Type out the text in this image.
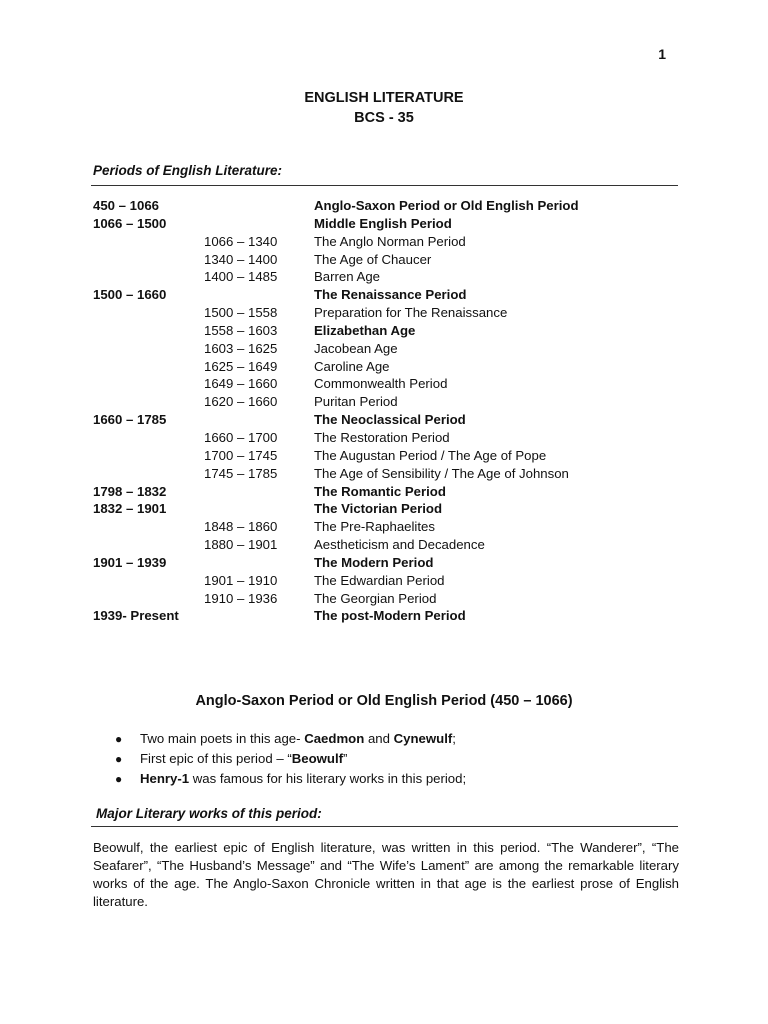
1
ENGLISH LITERATURE
BCS - 35
Periods of English Literature:
450 – 1066	Anglo-Saxon Period or Old English Period
1066 – 1500	Middle English Period
1066 – 1340	The Anglo Norman Period
1340 – 1400	The Age of Chaucer
1400 – 1485	Barren Age
1500 – 1660	The Renaissance Period
1500 – 1558	Preparation for The Renaissance
1558 – 1603	Elizabethan Age
1603 – 1625	Jacobean Age
1625 – 1649	Caroline Age
1649 – 1660	Commonwealth Period
1620 – 1660	Puritan Period
1660 – 1785	The Neoclassical Period
1660 – 1700	The Restoration Period
1700 – 1745	The Augustan Period / The Age of Pope
1745 – 1785	The Age of Sensibility / The Age of Johnson
1798 – 1832	The Romantic Period
1832 – 1901	The Victorian Period
1848 – 1860	The Pre-Raphaelites
1880 – 1901	Aestheticism and Decadence
1901 – 1939	The Modern Period
1901 – 1910	The Edwardian Period
1910 – 1936	The Georgian Period
1939- Present	The post-Modern Period
Anglo-Saxon Period or Old English Period (450 – 1066)
● Two main poets in this age- Caedmon and Cynewulf;
● First epic of this period – “Beowulf”
● Henry-1 was famous for his literary works in this period;
Major Literary works of this period:
Beowulf, the earliest epic of English literature, was written in this period. “The Wanderer”, “The Seafarer”, “The Husband’s Message” and “The Wife’s Lament” are among the remarkable literary works of the age. The Anglo-Saxon Chronicle written in that age is the earliest prose of English literature.
